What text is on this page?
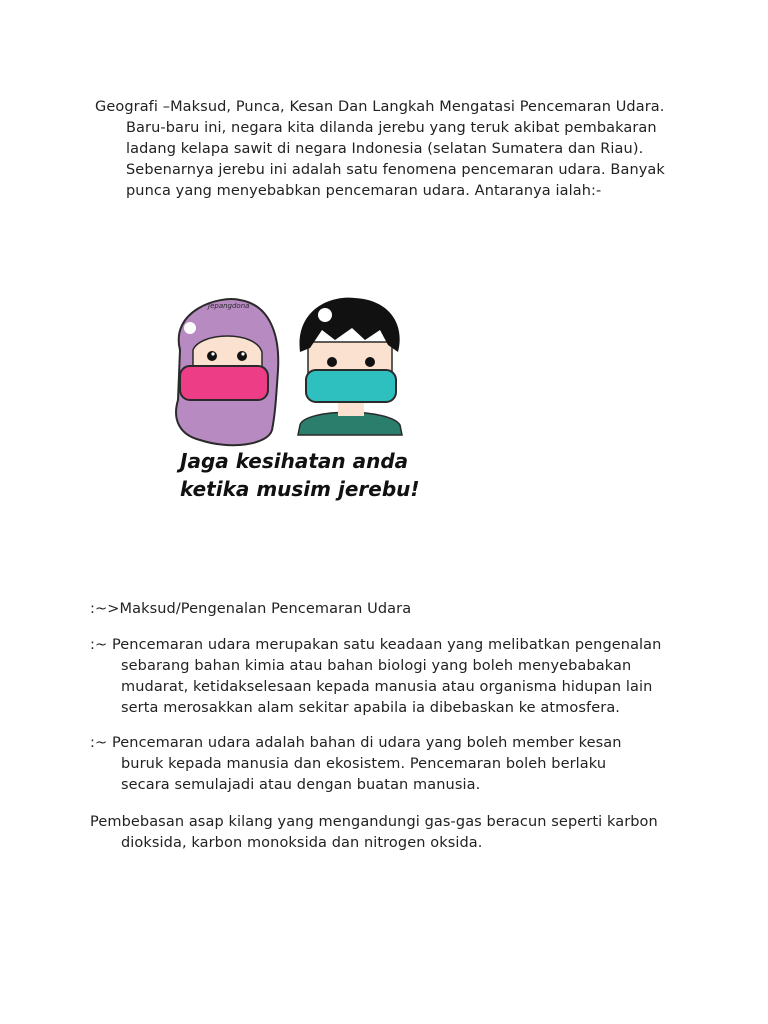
Geografi –Maksud, Punca, Kesan Dan Langkah Mengatasi Pencemaran Udara. Baru-baru ini, negara kita dilanda jerebu yang teruk akibat pembakaran ladang kelapa sawit di negara Indonesia (selatan Sumatera dan Riau). Sebenarnya jerebu ini adalah satu fenomena pencemaran udara. Banyak punca yang menyebabkan pencemaran udara. Antaranya ialah:-

Jepangdona
Jaga kesihatan anda
ketika musim jerebu!

:~>Maksud/Pengenalan Pencemaran Udara

:~ Pencemaran udara merupakan satu keadaan yang melibatkan pengenalan sebarang bahan kimia atau bahan biologi yang boleh menyebabakan mudarat, ketidakselesaan kepada manusia atau organisma hidupan lain serta merosakkan alam sekitar apabila ia dibebaskan ke atmosfera.

:~ Pencemaran udara adalah bahan di udara yang boleh member kesan buruk kepada manusia dan ekosistem. Pencemaran boleh berlaku secara semulajadi atau dengan buatan manusia.

Pembebasan asap kilang yang mengandungi gas-gas beracun seperti karbon dioksida, karbon monoksida dan nitrogen oksida.
